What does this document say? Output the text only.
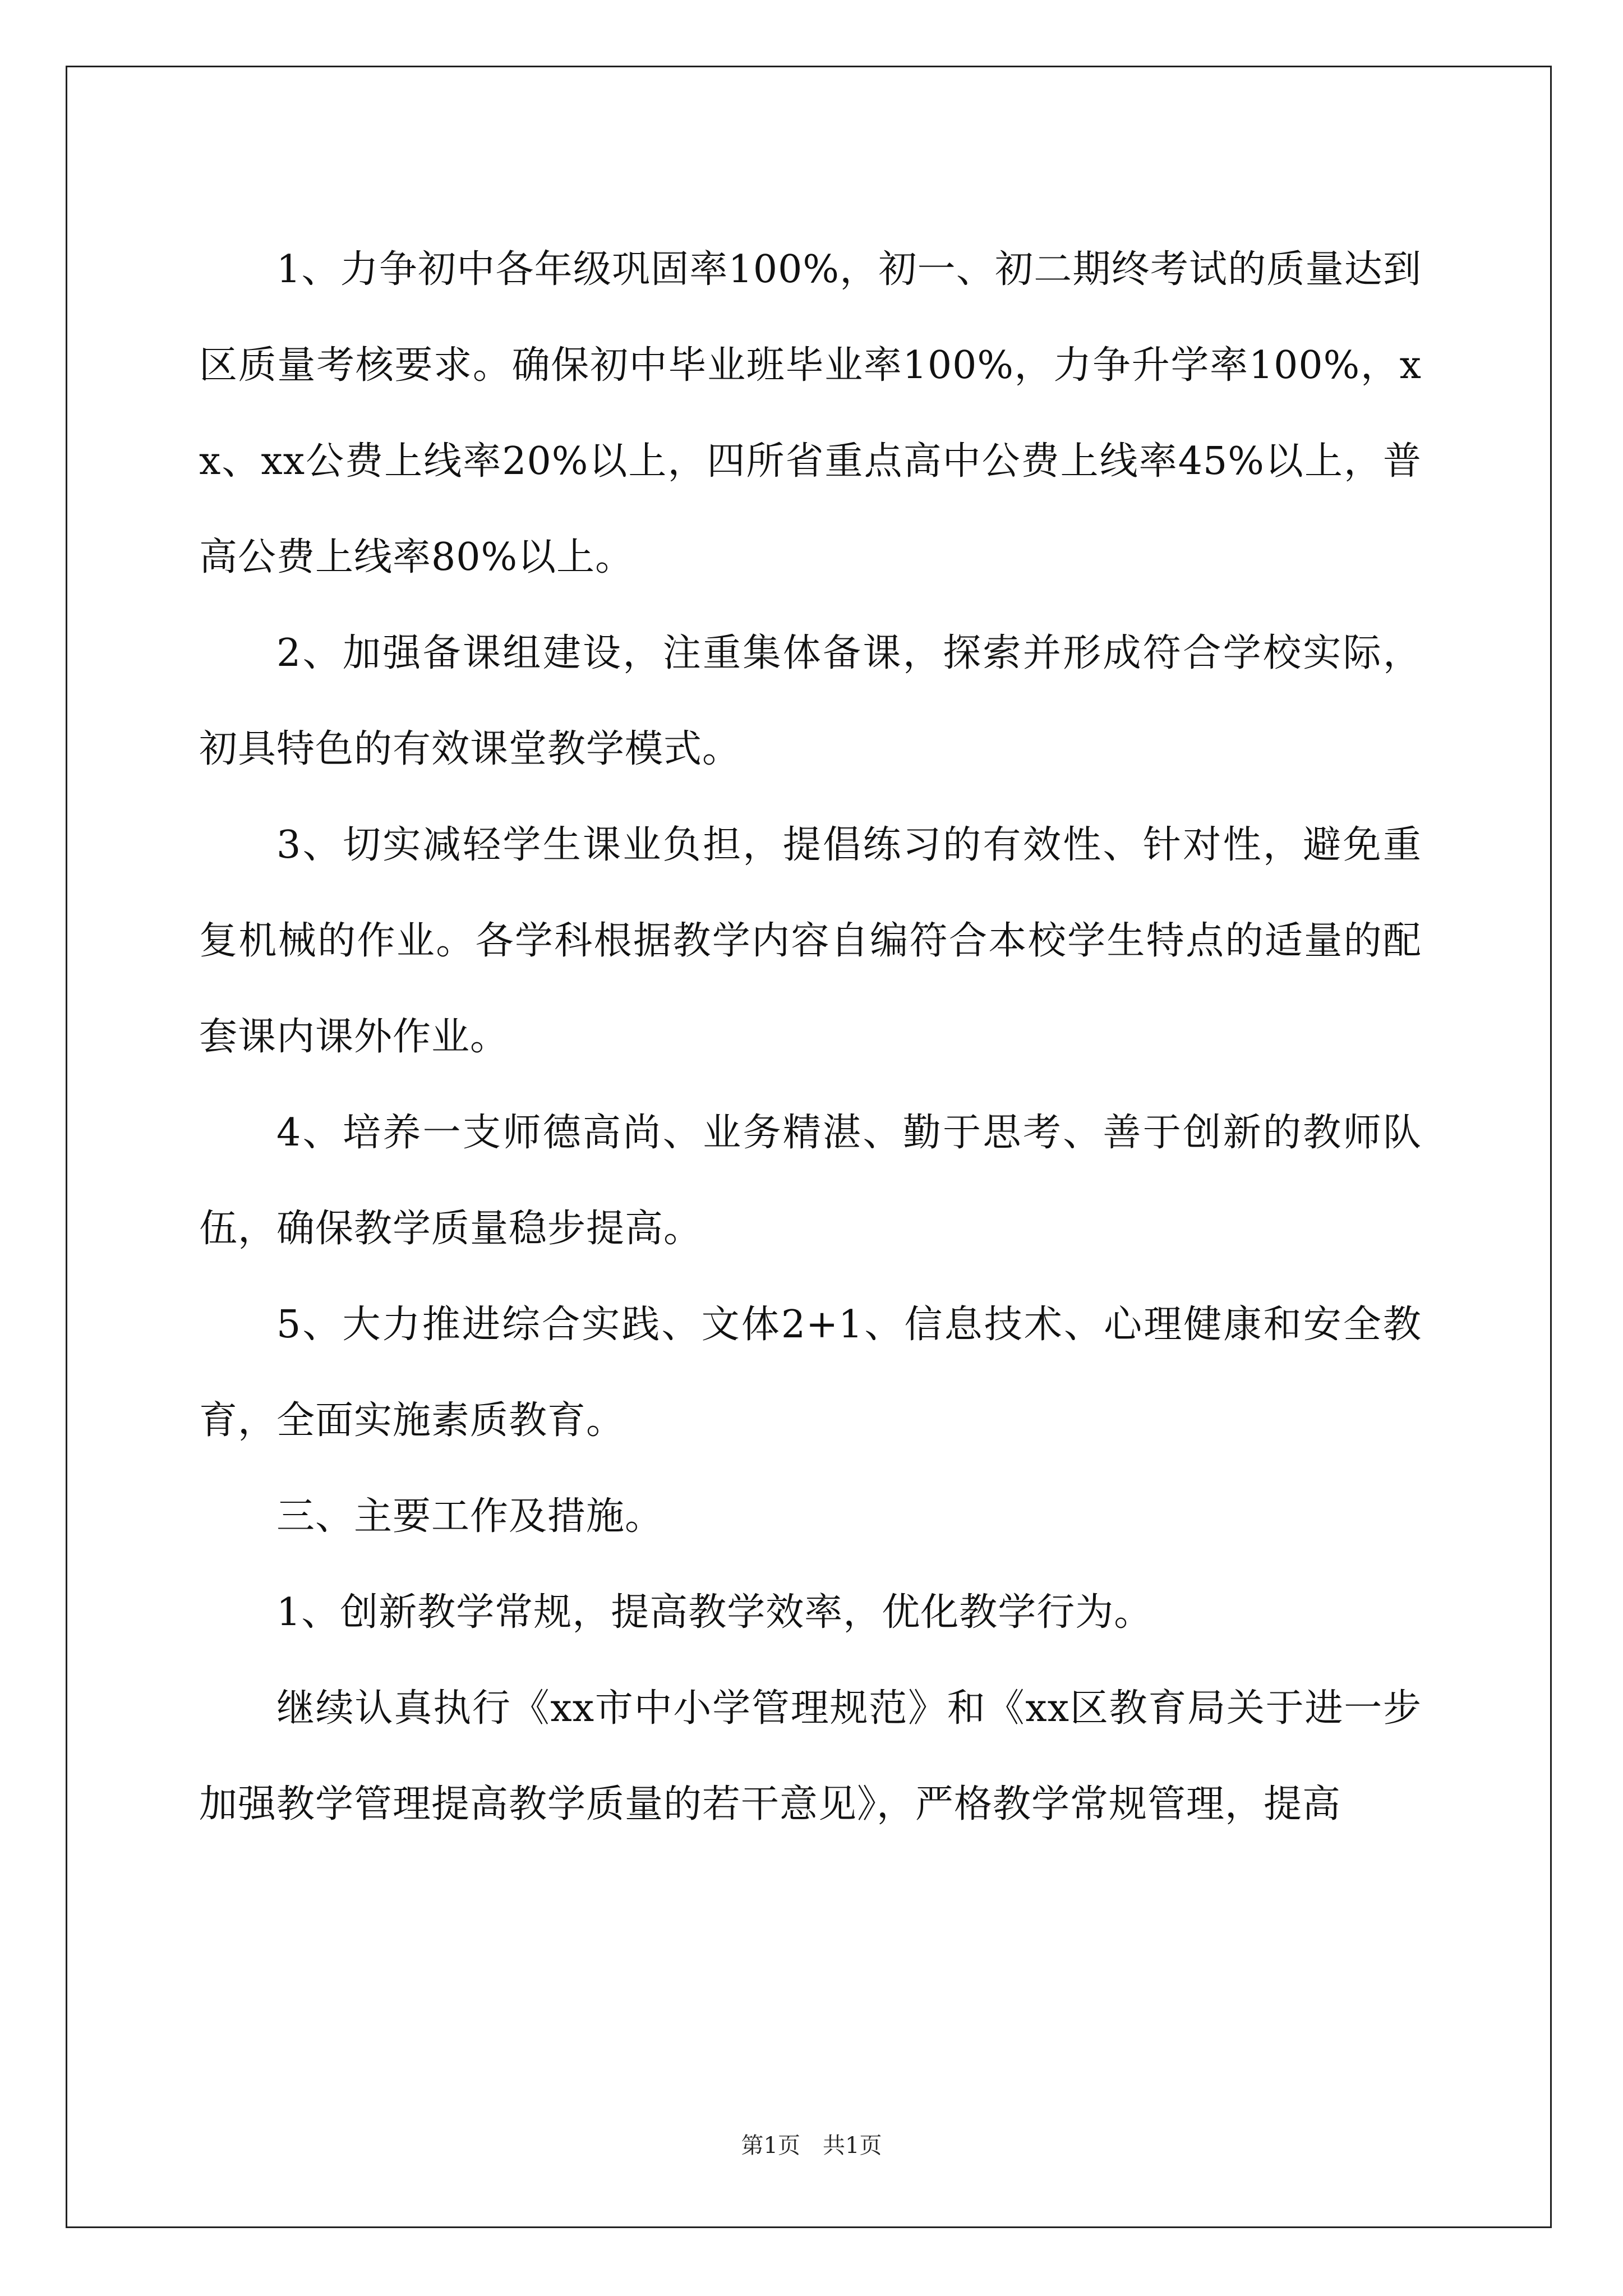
1、力争初中各年级巩固率100%，初一、初二期终考试的质量达到区质量考核要求。确保初中毕业班毕业率100%，力争升学率100%，xx、xx公费上线率20%以上，四所省重点高中公费上线率45%以上，普高公费上线率80%以上。

2、加强备课组建设，注重集体备课，探索并形成符合学校实际，初具特色的有效课堂教学模式。

3、切实减轻学生课业负担，提倡练习的有效性、针对性，避免重复机械的作业。各学科根据教学内容自编符合本校学生特点的适量的配套课内课外作业。

4、培养一支师德高尚、业务精湛、勤于思考、善于创新的教师队伍，确保教学质量稳步提高。

5、大力推进综合实践、文体2+1、信息技术、心理健康和安全教育，全面实施素质教育。

三、主要工作及措施。

1、创新教学常规，提高教学效率，优化教学行为。

继续认真执行《xx市中小学管理规范》和《xx区教育局关于进一步加强教学管理提高教学质量的若干意见》，严格教学常规管理，提高

第1页　共1页
